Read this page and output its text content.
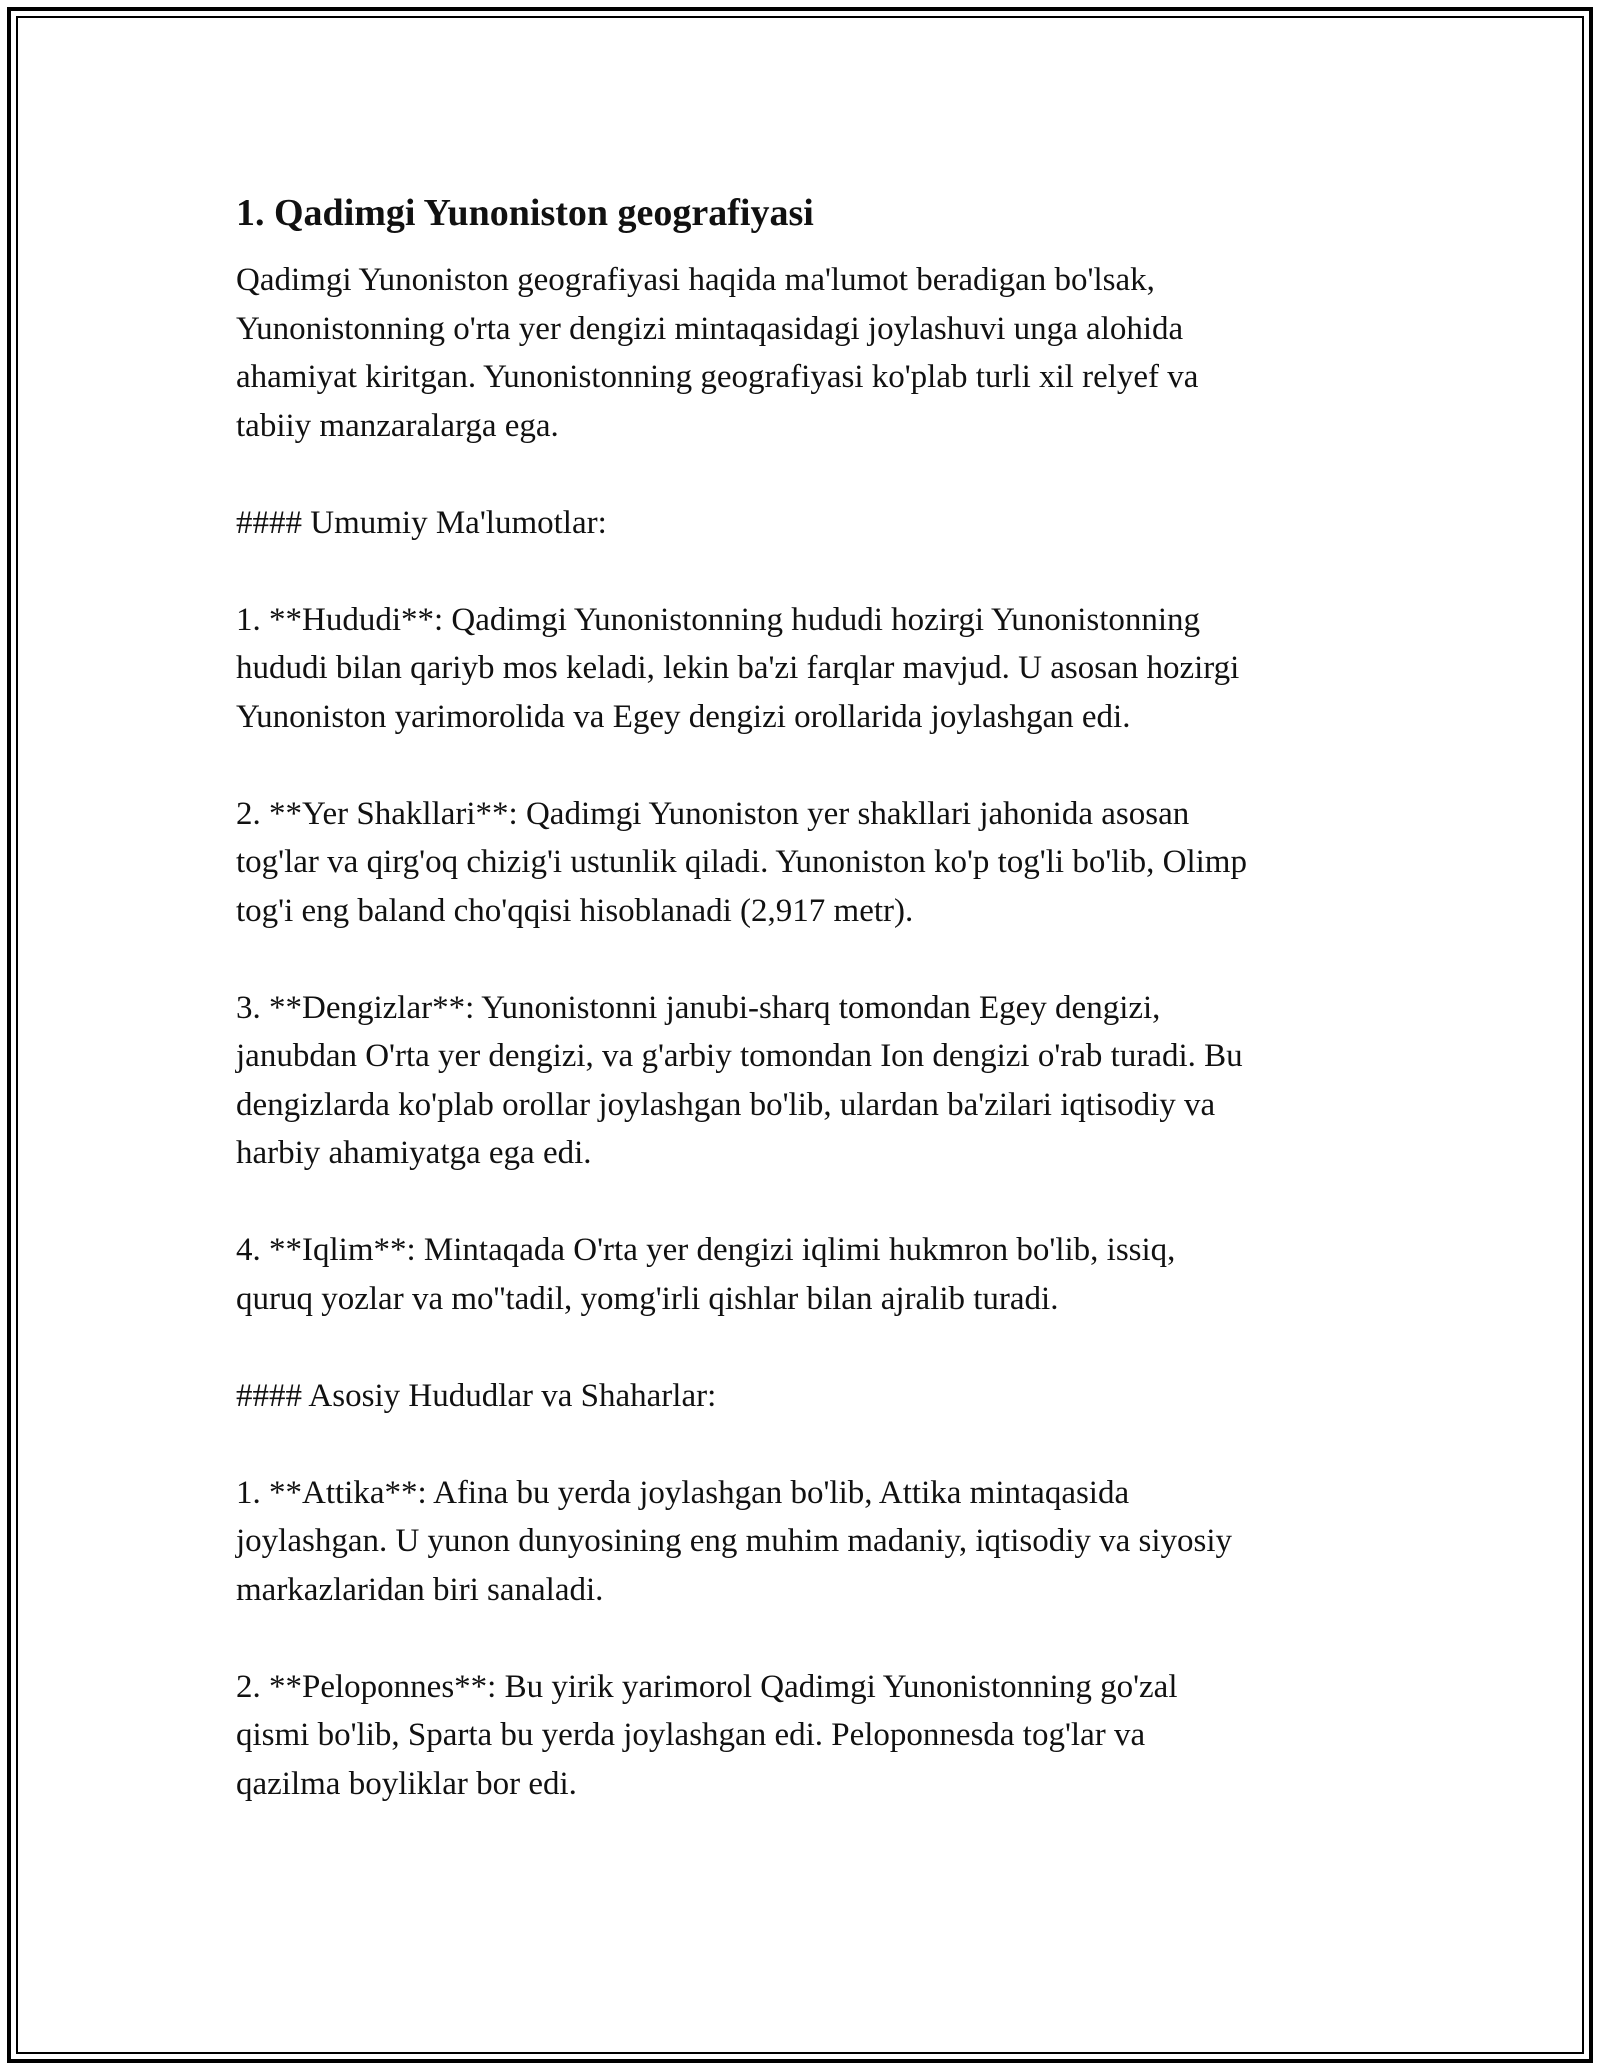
1. Qadimgi Yunoniston geografiyasi
Qadimgi Yunoniston geografiyasi haqida ma'lumot beradigan bo'lsak,
Yunonistonning o'rta yer dengizi mintaqasidagi joylashuvi unga alohida
ahamiyat kiritgan. Yunonistonning geografiyasi ko'plab turli xil relyef va
tabiiy manzaralarga ega.
#### Umumiy Ma'lumotlar:
1. **Hududi**: Qadimgi Yunonistonning hududi hozirgi Yunonistonning
hududi bilan qariyb mos keladi, lekin ba'zi farqlar mavjud. U asosan hozirgi
Yunoniston yarimorolida va Egey dengizi orollarida joylashgan edi.
2. **Yer Shakllari**: Qadimgi Yunoniston yer shakllari jahonida asosan
tog'lar va qirg'oq chizig'i ustunlik qiladi. Yunoniston ko'p tog'li bo'lib, Olimp
tog'i eng baland cho'qqisi hisoblanadi (2,917 metr).
3. **Dengizlar**: Yunonistonni janubi-sharq tomondan Egey dengizi,
janubdan O'rta yer dengizi, va g'arbiy tomondan Ion dengizi o'rab turadi. Bu
dengizlarda ko'plab orollar joylashgan bo'lib, ulardan ba'zilari iqtisodiy va
harbiy ahamiyatga ega edi.
4. **Iqlim**: Mintaqada O'rta yer dengizi iqlimi hukmron bo'lib, issiq,
quruq yozlar va mo''tadil, yomg'irli qishlar bilan ajralib turadi.
#### Asosiy Hududlar va Shaharlar:
1. **Attika**: Afina bu yerda joylashgan bo'lib, Attika mintaqasida
joylashgan. U yunon dunyosining eng muhim madaniy, iqtisodiy va siyosiy
markazlaridan biri sanaladi.
2. **Peloponnes**: Bu yirik yarimorol Qadimgi Yunonistonning go'zal
qismi bo'lib, Sparta bu yerda joylashgan edi. Peloponnesda tog'lar va
qazilma boyliklar bor edi.
